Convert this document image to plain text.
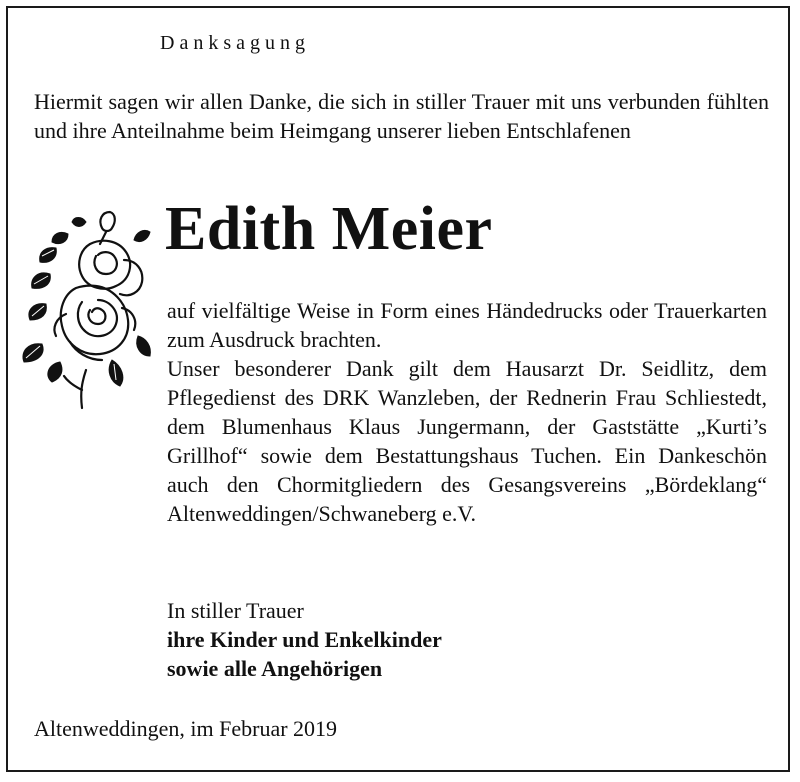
Danksagung
Hiermit sagen wir allen Danke, die sich in stiller Trauer mit uns verbunden fühlten und ihre Anteilnahme beim Heimgang unserer lieben Entschlafenen
Edith Meier

auf vielfältige Weise in Form eines Händedrucks oder Trauerkarten zum Ausdruck brachten.

Unser besonderer Dank gilt dem Hausarzt Dr. Seidlitz, dem Pflegedienst des DRK Wanzleben, der Rednerin Frau Schliestedt, dem Blumenhaus Klaus Jungermann, der Gaststätte „Kurti’s Grillhof“ sowie dem Bestattungshaus Tuchen. Ein Dankeschön auch den Chormitgliedern des Gesangsvereins „Bördeklang“ Altenweddingen/Schwaneberg e.V.

In stiller Trauer
ihre Kinder und Enkelkinder
sowie alle Angehörigen
Altenweddingen, im Februar 2019
